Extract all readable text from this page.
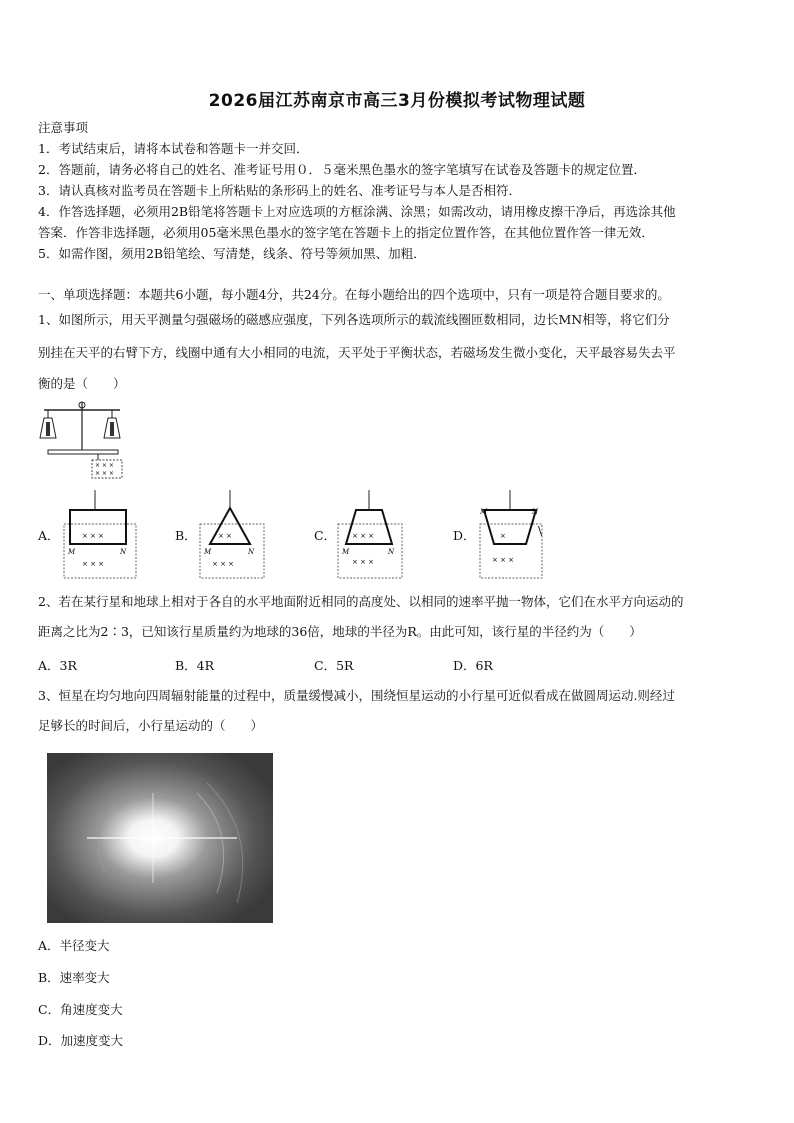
2026届江苏南京市高三3月份模拟考试物理试题
注意事项
1．考试结束后，请将本试卷和答题卡一并交回．
2．答题前，请务必将自己的姓名、准考证号用０．５毫米黑色墨水的签字笔填写在试卷及答题卡的规定位置．
3．请认真核对监考员在答题卡上所粘贴的条形码上的姓名、准考证号与本人是否相符．
4．作答选择题，必须用2B铅笔将答题卡上对应选项的方框涂满、涂黑；如需改动，请用橡皮擦干净后，再选涂其他
答案．作答非选择题，必须用05毫米黑色墨水的签字笔在答题卡上的指定位置作答，在其他位置作答一律无效．
5．如需作图，须用2B铅笔绘、写清楚，线条、符号等须加黑、加粗．
一、单项选择题：本题共6小题，每小题4分，共24分。在每小题给出的四个选项中，只有一项是符合题目要求的。
1、如图所示，用天平测量匀强磁场的磁感应强度，下列各选项所示的载流线圈匝数相同，边长MN相等，将它们分
别挂在天平的右臂下方，线圈中通有大小相同的电流，天平处于平衡状态，若磁场发生微小变化，天平最容易失去平
衡的是（　　）
× × ×
× × ×
A．	× × ×
× × ×
M	N
B．	× ×
× × ×
M	N
C． × × ×
× × ×
M	N
D．	×
× × ×
M	N
\
2、若在某行星和地球上相对于各自的水平地面附近相同的高度处、以相同的速率平抛一物体，它们在水平方向运动的
距离之比为2∶3，已知该行星质量约为地球的36倍，地球的半径为R。由此可知，该行星的半径约为（　　）
A．3R	B．4R	C．5R	D．6R
3、恒星在均匀地向四周辐射能量的过程中，质量缓慢减小，围绕恒星运动的小行星可近似看成在做圆周运动.则经过
足够长的时间后，小行星运动的（　　）
A．半径变大
B．速率变大
C．角速度变大
D．加速度变大
